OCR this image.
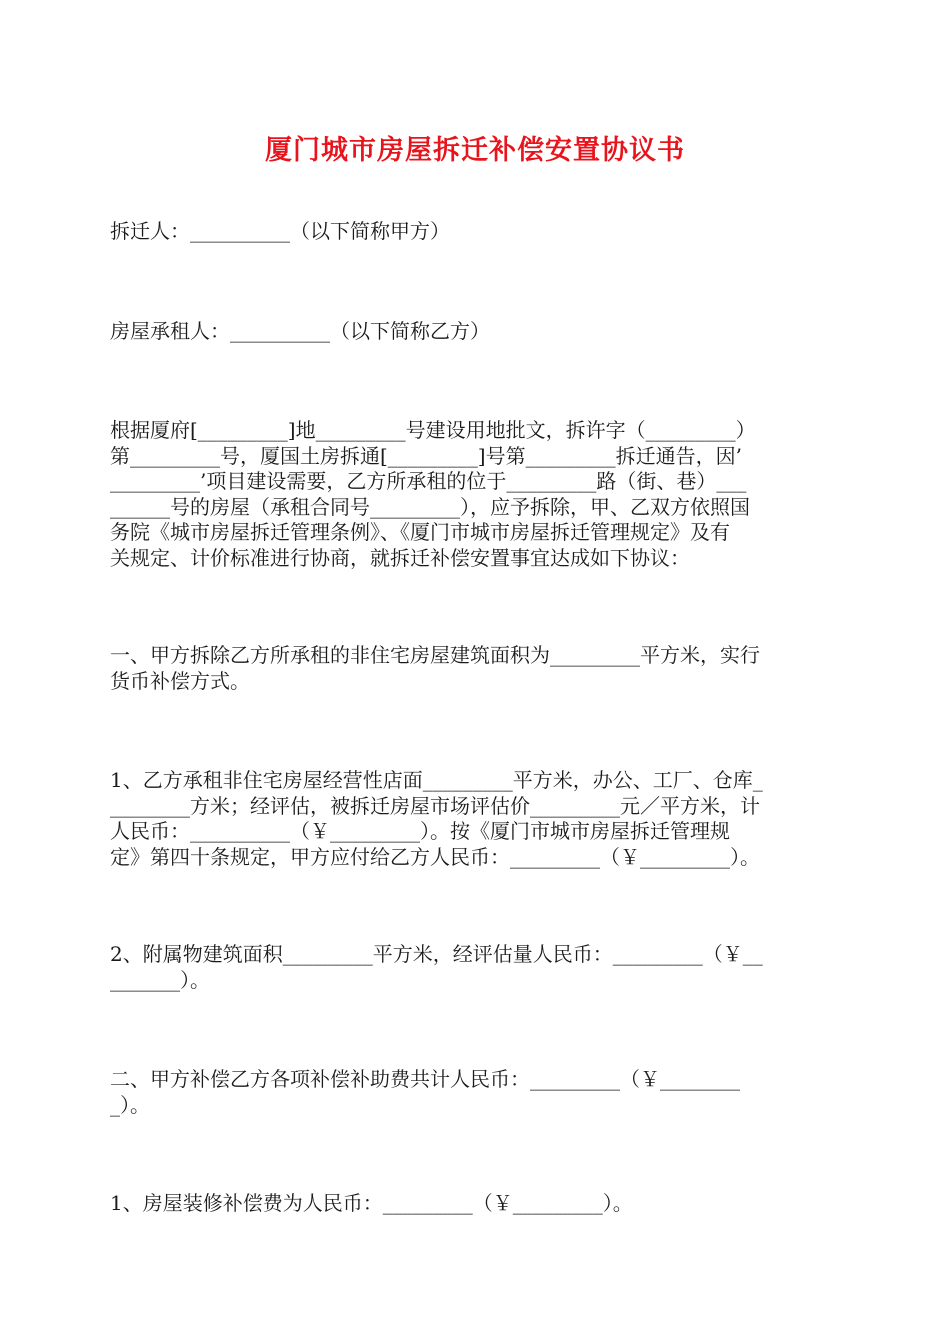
厦门城市房屋拆迁补偿安置协议书

拆迁人：__________（以下简称甲方）

房屋承租人：__________（以下简称乙方）

根据厦府[_________]地_________号建设用地批文，拆许字（_________）
第_________号，厦国土房拆通[_________]号第_________拆迁通告，因’
_________’项目建设需要，乙方所承租的位于_________路（街、巷）___
______号的房屋（承租合同号_________），应予拆除，甲、乙双方依照国
务院《城市房屋拆迁管理条例》、《厦门市城市房屋拆迁管理规定》及有
关规定、计价标准进行协商，就拆迁补偿安置事宜达成如下协议：

一、甲方拆除乙方所承租的非住宅房屋建筑面积为_________平方米，实行
货币补偿方式。

1、乙方承租非住宅房屋经营性店面_________平方米，办公、工厂、仓库_
________方米；经评估，被拆迁房屋市场评估价_________元／平方米，计
人民币：__________（￥_________）。按《厦门市城市房屋拆迁管理规
定》第四十条规定，甲方应付给乙方人民币：_________（￥_________）。

2、附属物建筑面积_________平方米，经评估量人民币：_________（￥__
_______）。

二、甲方补偿乙方各项补偿补助费共计人民币：_________（￥________
_）。

1、房屋装修补偿费为人民币：_________（￥_________）。
